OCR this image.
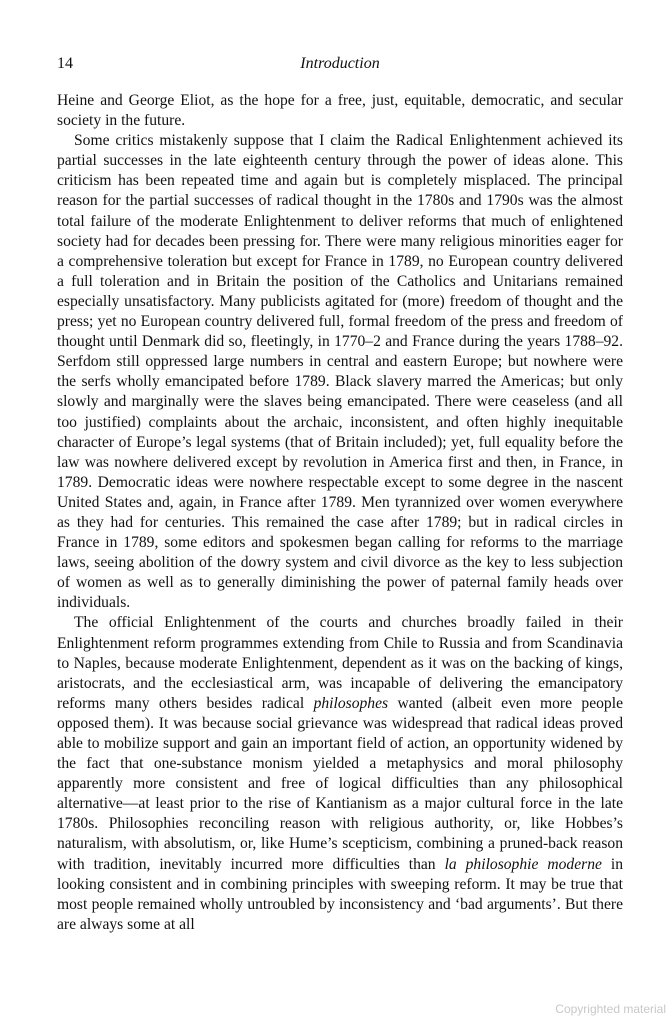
14	Introduction

Heine and George Eliot, as the hope for a free, just, equitable, democratic, and secular society in the future.

Some critics mistakenly suppose that I claim the Radical Enlightenment achieved its partial successes in the late eighteenth century through the power of ideas alone. This criticism has been repeated time and again but is completely misplaced. The principal reason for the partial successes of radical thought in the 1780s and 1790s was the almost total failure of the moderate Enlightenment to deliver reforms that much of enlightened society had for decades been pressing for. There were many religious minorities eager for a comprehensive toleration but except for France in 1789, no European country delivered a full toleration and in Britain the position of the Catholics and Unitarians remained especially unsatisfactory. Many publicists agitated for (more) freedom of thought and the press; yet no European country delivered full, formal freedom of the press and freedom of thought until Denmark did so, fleetingly, in 1770–2 and France during the years 1788–92. Serfdom still oppressed large numbers in central and eastern Europe; but nowhere were the serfs wholly emancipated before 1789. Black slavery marred the Americas; but only slowly and marginally were the slaves being emancipated. There were ceaseless (and all too justified) complaints about the archaic, inconsistent, and often highly inequitable character of Europe’s legal systems (that of Britain included); yet, full equality before the law was nowhere delivered except by revolution in America first and then, in France, in 1789. Democratic ideas were nowhere respectable except to some degree in the nascent United States and, again, in France after 1789. Men tyrannized over women everywhere as they had for centuries. This remained the case after 1789; but in radical circles in France in 1789, some editors and spokesmen began calling for reforms to the marriage laws, seeing abolition of the dowry system and civil divorce as the key to less subjection of women as well as to generally diminishing the power of paternal family heads over individuals.

The official Enlightenment of the courts and churches broadly failed in their Enlightenment reform programmes extending from Chile to Russia and from Scandinavia to Naples, because moderate Enlightenment, dependent as it was on the backing of kings, aristocrats, and the ecclesiastical arm, was incapable of delivering the emancipatory reforms many others besides radical philosophes wanted (albeit even more people opposed them). It was because social grievance was widespread that radical ideas proved able to mobilize support and gain an important field of action, an opportunity widened by the fact that one-substance monism yielded a metaphysics and moral philosophy apparently more consistent and free of logical difficulties than any philosophical alternative—at least prior to the rise of Kantianism as a major cultural force in the late 1780s. Philosophies reconciling reason with religious authority, or, like Hobbes’s naturalism, with absolutism, or, like Hume’s scepticism, combining a pruned-back reason with tradition, inevitably incurred more difficulties than la philosophie moderne in looking consistent and in combining principles with sweeping reform. It may be true that most people remained wholly untroubled by inconsistency and ‘bad arguments’. But there are always some at all

Copyrighted material
